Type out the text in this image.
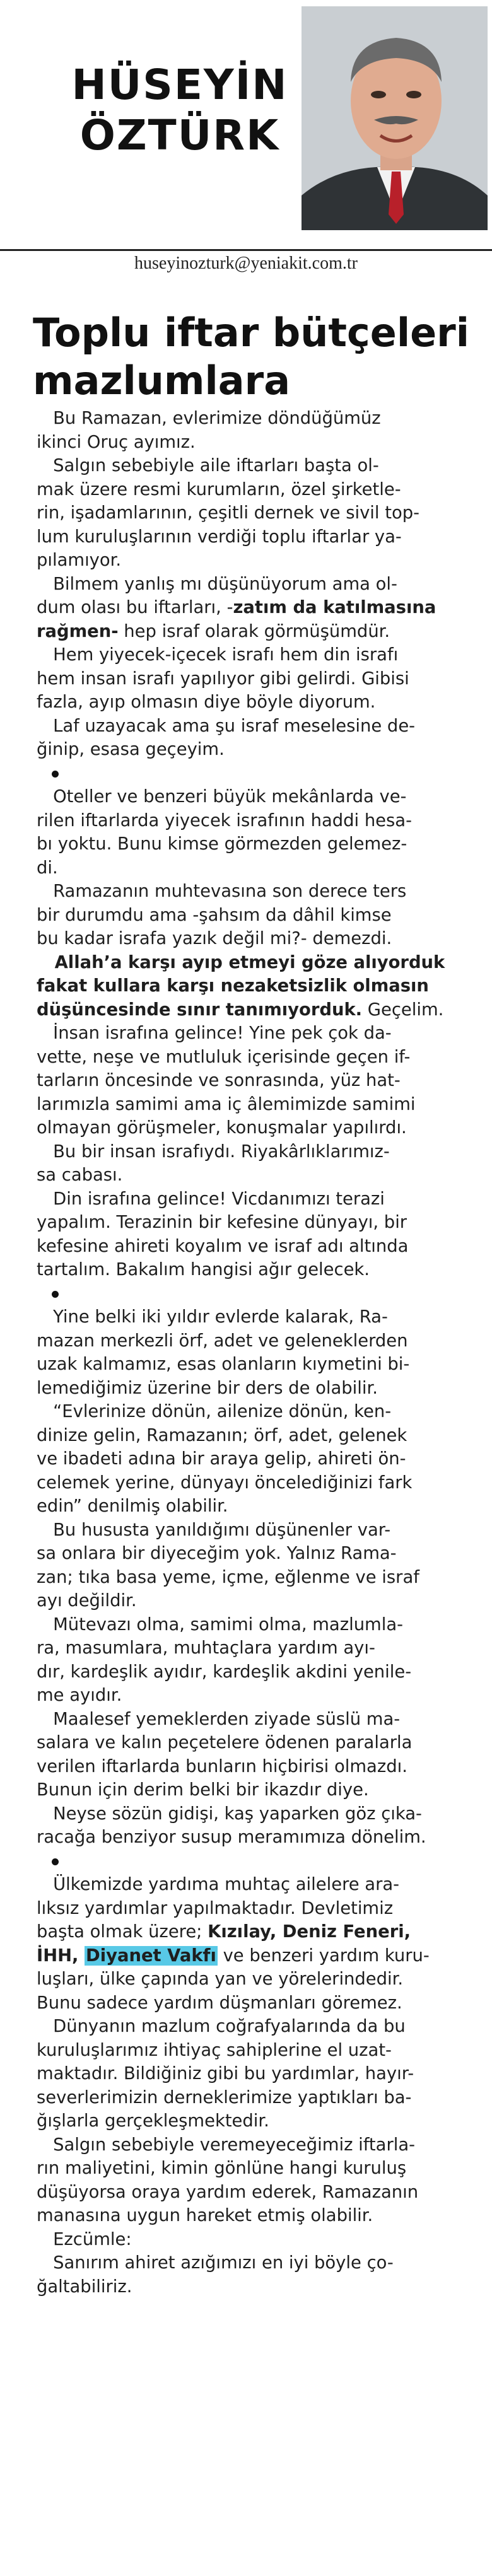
HÜSEYİN
ÖZTÜRK
huseyinozturk@yeniakit.com.tr
Toplu iftar bütçeleri
mazlumlara
Bu Ramazan, evlerimize döndüğümüz
ikinci Oruç ayımız.
Salgın sebebiyle aile iftarları başta ol-
mak üzere resmi kurumların, özel şirketle-
rin, işadamlarının, çeşitli dernek ve sivil top-
lum kuruluşlarının verdiği toplu iftarlar ya-
pılamıyor.
Bilmem yanlış mı düşünüyorum ama ol-
dum olası bu iftarları, -zatım da katılmasına
rağmen- hep israf olarak görmüşümdür.
Hem yiyecek-içecek israfı hem din israfı
hem insan israfı yapılıyor gibi gelirdi. Gibisi
fazla, ayıp olmasın diye böyle diyorum.
Laf uzayacak ama şu israf meselesine de-
ğinip, esasa geçeyim.
Oteller ve benzeri büyük mekânlarda ve-
rilen iftarlarda yiyecek israfının haddi hesa-
bı yoktu. Bunu kimse görmezden gelemez-
di.
Ramazanın muhtevasına son derece ters
bir durumdu ama -şahsım da dâhil kimse
bu kadar israfa yazık değil mi?- demezdi.
Allah’a karşı ayıp etmeyi göze alıyorduk
fakat kullara karşı nezaketsizlik olmasın
düşüncesinde sınır tanımıyorduk. Geçelim.
İnsan israfına gelince! Yine pek çok da-
vette, neşe ve mutluluk içerisinde geçen if-
tarların öncesinde ve sonrasında, yüz hat-
larımızla samimi ama iç âlemimizde samimi
olmayan görüşmeler, konuşmalar yapılırdı.
Bu bir insan israfıydı. Riyakârlıklarımız-
sa cabası.
Din israfına gelince! Vicdanımızı terazi
yapalım. Terazinin bir kefesine dünyayı, bir
kefesine ahireti koyalım ve israf adı altında
tartalım. Bakalım hangisi ağır gelecek.
Yine belki iki yıldır evlerde kalarak, Ra-
mazan merkezli örf, adet ve geleneklerden
uzak kalmamız, esas olanların kıymetini bi-
lemediğimiz üzerine bir ders de olabilir.
“Evlerinize dönün, ailenize dönün, ken-
dinize gelin, Ramazanın; örf, adet, gelenek
ve ibadeti adına bir araya gelip, ahireti ön-
celemek yerine, dünyayı öncelediğinizi fark
edin” denilmiş olabilir.
Bu hususta yanıldığımı düşünenler var-
sa onlara bir diyeceğim yok. Yalnız Rama-
zan; tıka basa yeme, içme, eğlenme ve israf
ayı değildir.
Mütevazı olma, samimi olma, mazlumla-
ra, masumlara, muhtaçlara yardım ayı-
dır, kardeşlik ayıdır, kardeşlik akdini yenile-
me ayıdır.
Maalesef yemeklerden ziyade süslü ma-
salara ve kalın peçetelere ödenen paralarla
verilen iftarlarda bunların hiçbirisi olmazdı.
Bunun için derim belki bir ikazdır diye.
Neyse sözün gidişi, kaş yaparken göz çıka-
racağa benziyor susup meramımıza dönelim.
Ülkemizde yardıma muhtaç ailelere ara-
lıksız yardımlar yapılmaktadır. Devletimiz
başta olmak üzere; Kızılay, Deniz Feneri,
İHH, Diyanet Vakfı ve benzeri yardım kuru-
luşları, ülke çapında yan ve yörelerindedir.
Bunu sadece yardım düşmanları göremez.
Dünyanın mazlum coğrafyalarında da bu
kuruluşlarımız ihtiyaç sahiplerine el uzat-
maktadır. Bildiğiniz gibi bu yardımlar, hayır-
severlerimizin derneklerimize yaptıkları ba-
ğışlarla gerçekleşmektedir.
Salgın sebebiyle veremeyeceğimiz iftarla-
rın maliyetini, kimin gönlüne hangi kuruluş
düşüyorsa oraya yardım ederek, Ramazanın
manasına uygun hareket etmiş olabilir.
Ezcümle:
Sanırım ahiret azığımızı en iyi böyle ço-
ğaltabiliriz.
